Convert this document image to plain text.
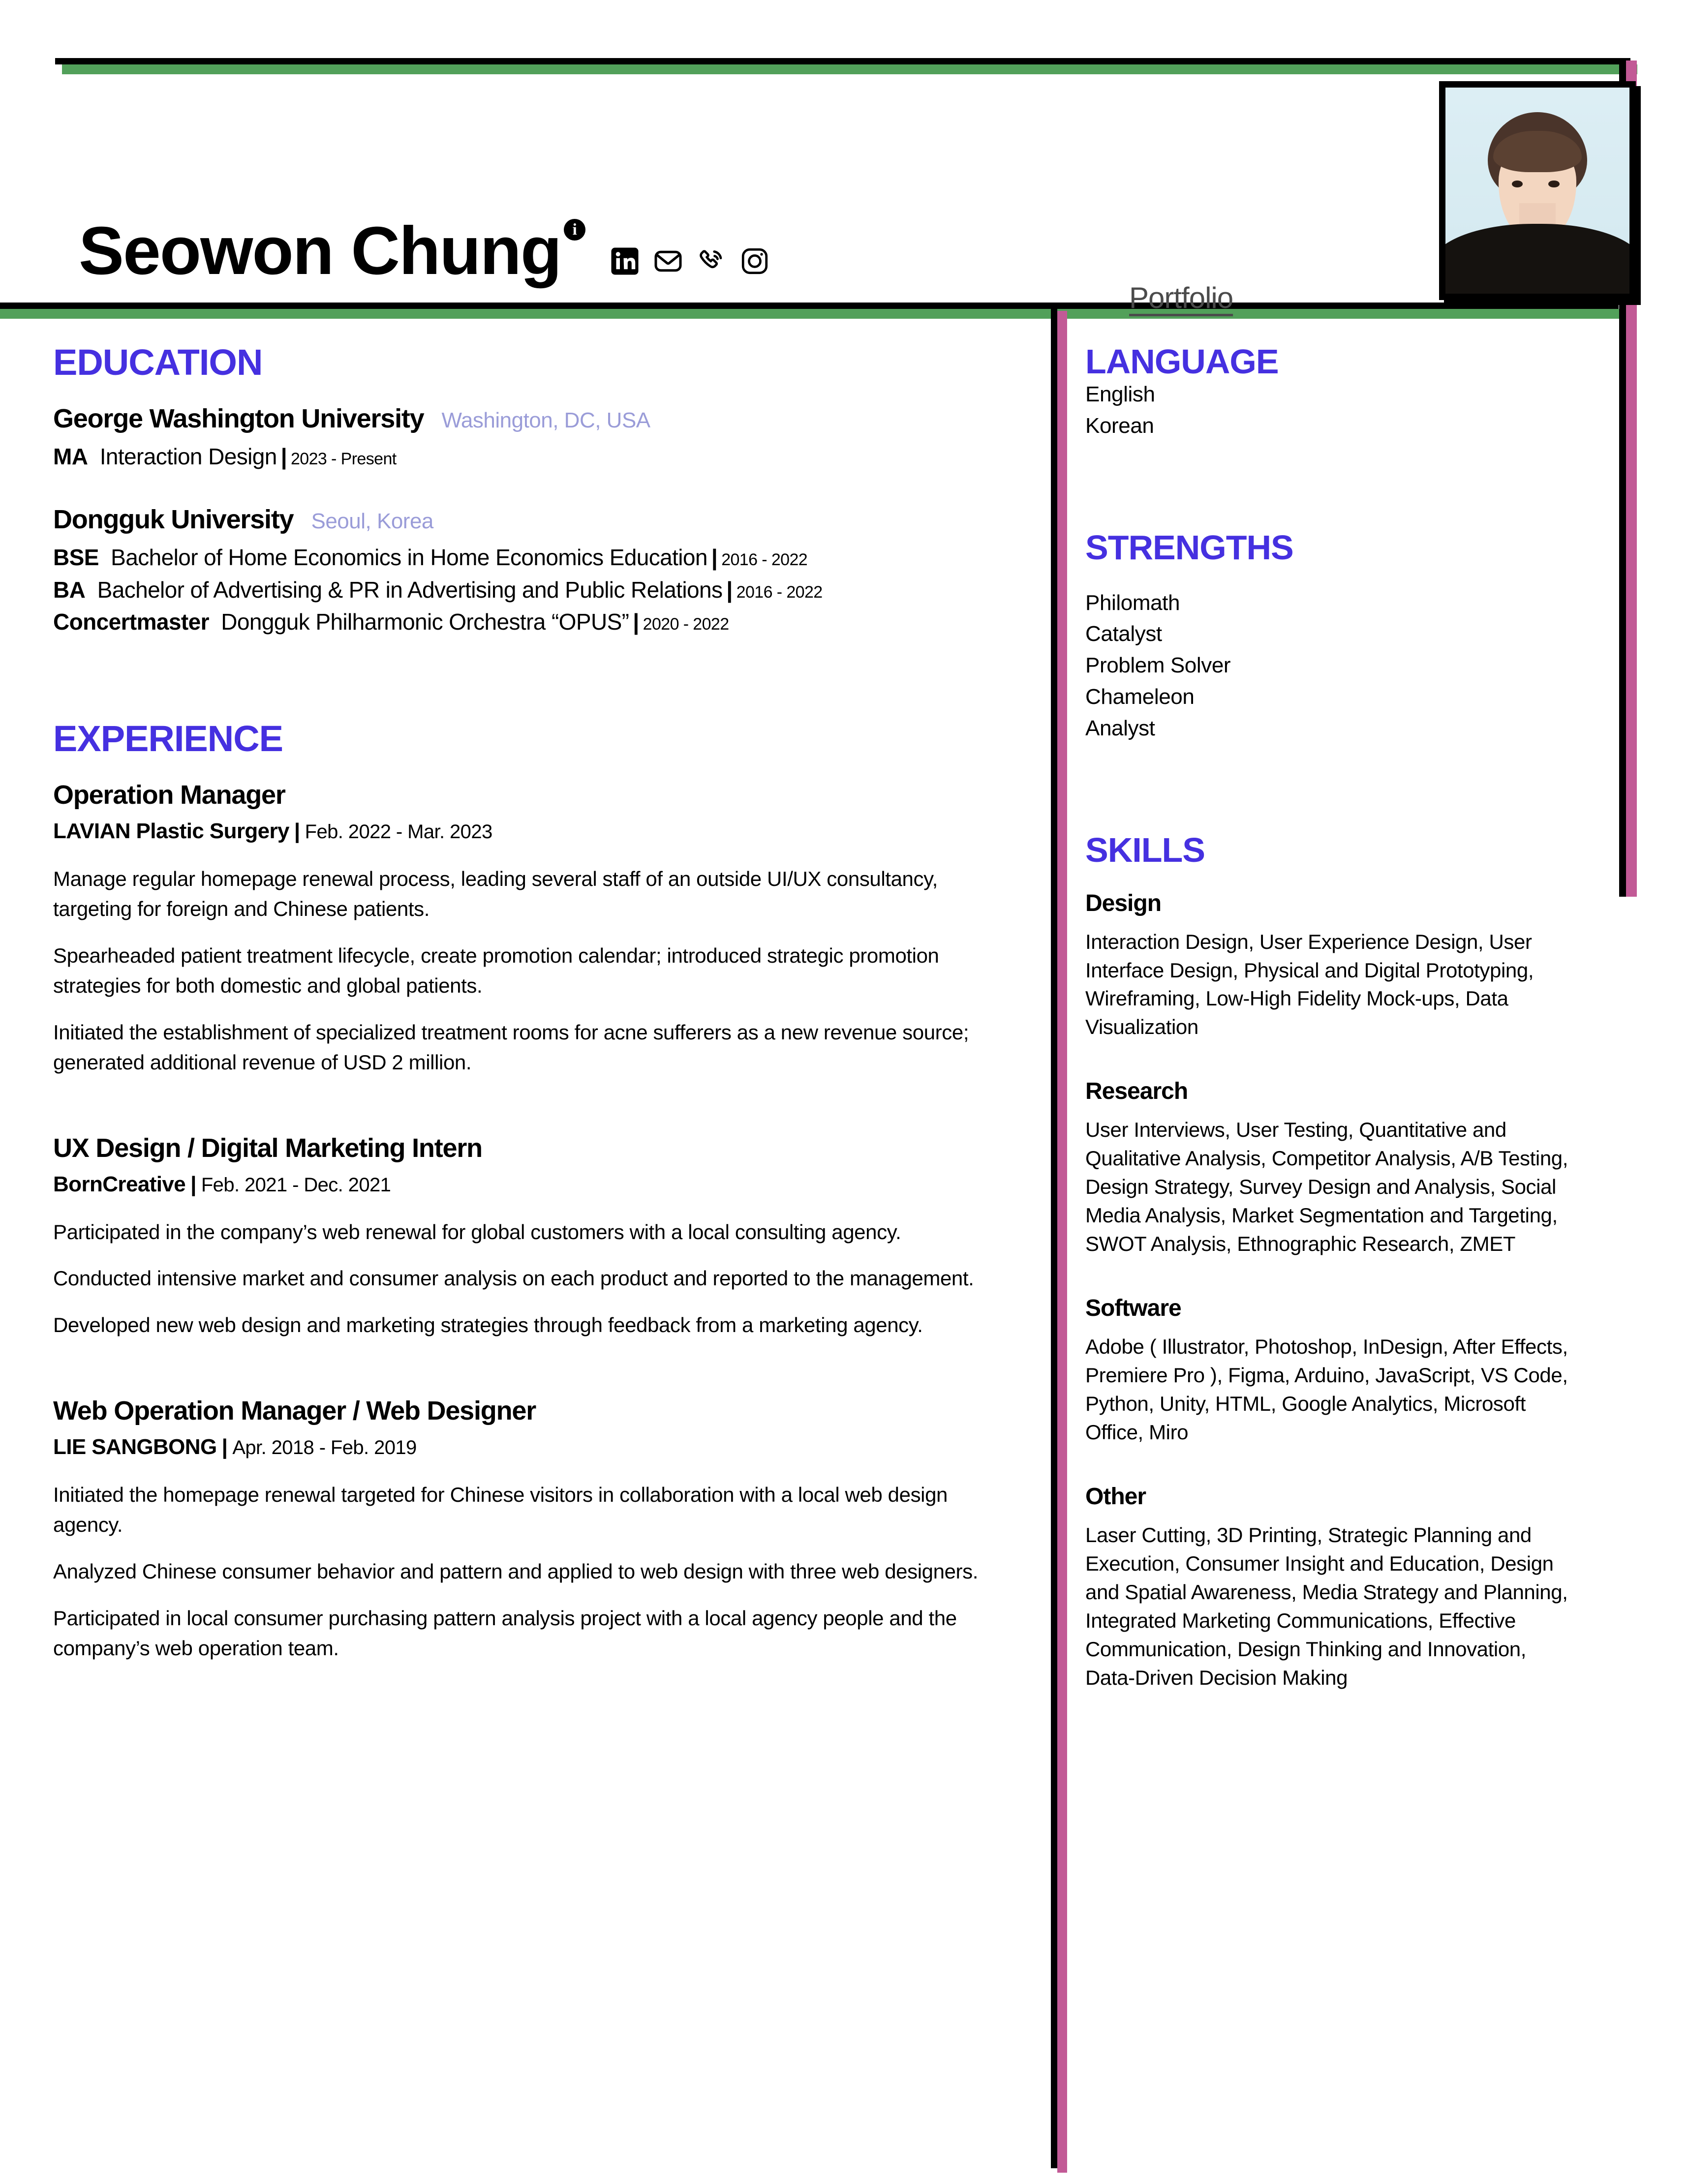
Seowon Chung i
Portfolio
EDUCATION
George Washington University Washington, DC, USA
MA Interaction Design | 2023 - Present
Dongguk University Seoul, Korea
BSE Bachelor of Home Economics in Home Economics Education | 2016 - 2022
BA Bachelor of Advertising & PR in Advertising and Public Relations | 2016 - 2022
Concertmaster Dongguk Philharmonic Orchestra “OPUS” | 2020 - 2022
EXPERIENCE
Operation Manager
LAVIAN Plastic Surgery | Feb. 2022 - Mar. 2023
Manage regular homepage renewal process, leading several staff of an outside UI/UX consultancy, targeting for foreign and Chinese patients.
Spearheaded patient treatment lifecycle, create promotion calendar; introduced strategic promotion strategies for both domestic and global patients.
Initiated the establishment of specialized treatment rooms for acne sufferers as a new revenue source; generated additional revenue of USD 2 million.
UX Design / Digital Marketing Intern
BornCreative | Feb. 2021 - Dec. 2021
Participated in the company’s web renewal for global customers with a local consulting agency.
Conducted intensive market and consumer analysis on each product and reported to the management.
Developed new web design and marketing strategies through feedback from a marketing agency.
Web Operation Manager / Web Designer
LIE SANGBONG | Apr. 2018 - Feb. 2019
Initiated the homepage renewal targeted for Chinese visitors in collaboration with a local web design agency.
Analyzed Chinese consumer behavior and pattern and applied to web design with three web designers.
Participated in local consumer purchasing pattern analysis project with a local agency people and the company’s web operation team.
LANGUAGE
English
Korean
STRENGTHS
Philomath
Catalyst
Problem Solver
Chameleon
Analyst
SKILLS
Design
Interaction Design, User Experience Design, User Interface Design, Physical and Digital Prototyping, Wireframing, Low-High Fidelity Mock-ups, Data Visualization
Research
User Interviews, User Testing, Quantitative and Qualitative Analysis, Competitor Analysis, A/B Testing, Design Strategy, Survey Design and Analysis, Social Media Analysis, Market Segmentation and Targeting, SWOT Analysis, Ethnographic Research, ZMET
Software
Adobe ( Illustrator, Photoshop, InDesign, After Effects, Premiere Pro ), Figma, Arduino, JavaScript, VS Code, Python, Unity, HTML, Google Analytics, Microsoft Office, Miro
Other
Laser Cutting, 3D Printing, Strategic Planning and Execution, Consumer Insight and Education, Design and Spatial Awareness, Media Strategy and Planning, Integrated Marketing Communications, Effective Communication, Design Thinking and Innovation, Data-Driven Decision Making
